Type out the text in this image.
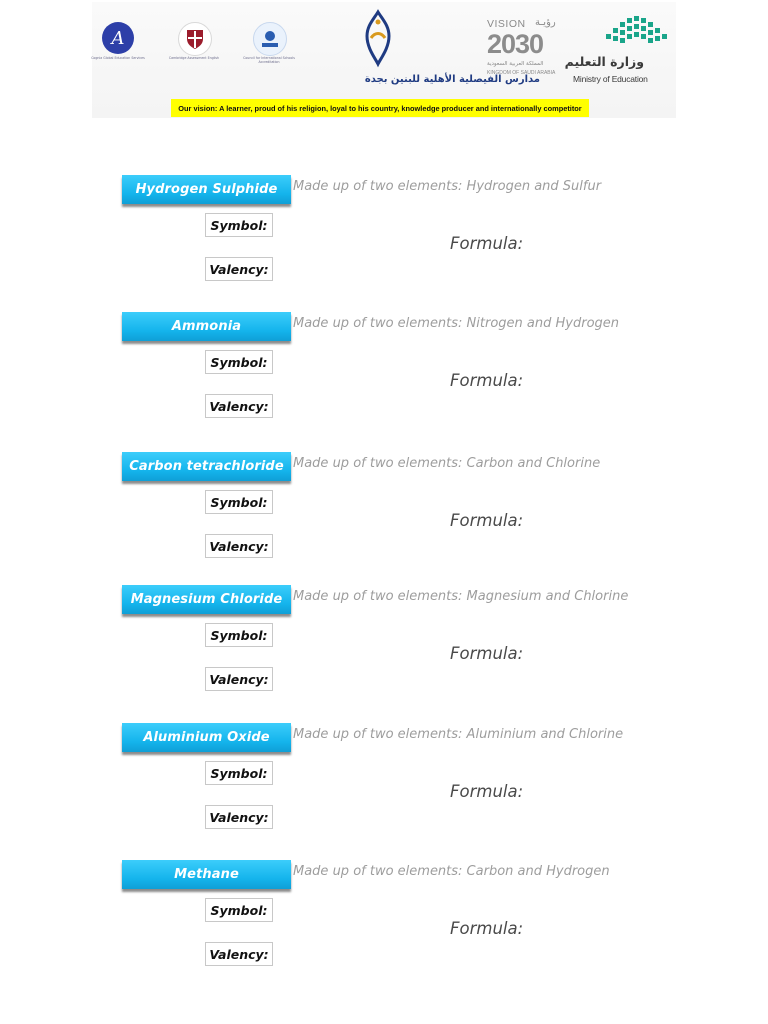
A
Cognia Global Education Services	Cambridge Assessment English	Council for International Schools Accreditation
مدارس الفيصلية الأهلية للبنين بجدة
VISION رؤيـة
2030
المملكة العربية السعودية
KINGDOM OF SAUDI ARABIA
وزارة التعليم
Ministry of Education
Our vision: A learner, proud of his religion, loyal to his country, knowledge producer and internationally competitor
Hydrogen Sulphide	Made up of two elements: Hydrogen and Sulfur
Symbol:
Valency:
Formula:
Ammonia	Made up of two elements: Nitrogen and Hydrogen
Symbol:
Valency:
Formula:
Carbon tetrachloride Made up of two elements: Carbon and Chlorine
Symbol:
Valency:
Formula:
Magnesium Chloride Made up of two elements: Magnesium and Chlorine
Symbol:
Valency:
Formula:
Aluminium Oxide	Made up of two elements: Aluminium and Chlorine
Symbol:
Valency:
Formula:
Methane	Made up of two elements: Carbon and Hydrogen
Symbol:
Valency:
Formula:
